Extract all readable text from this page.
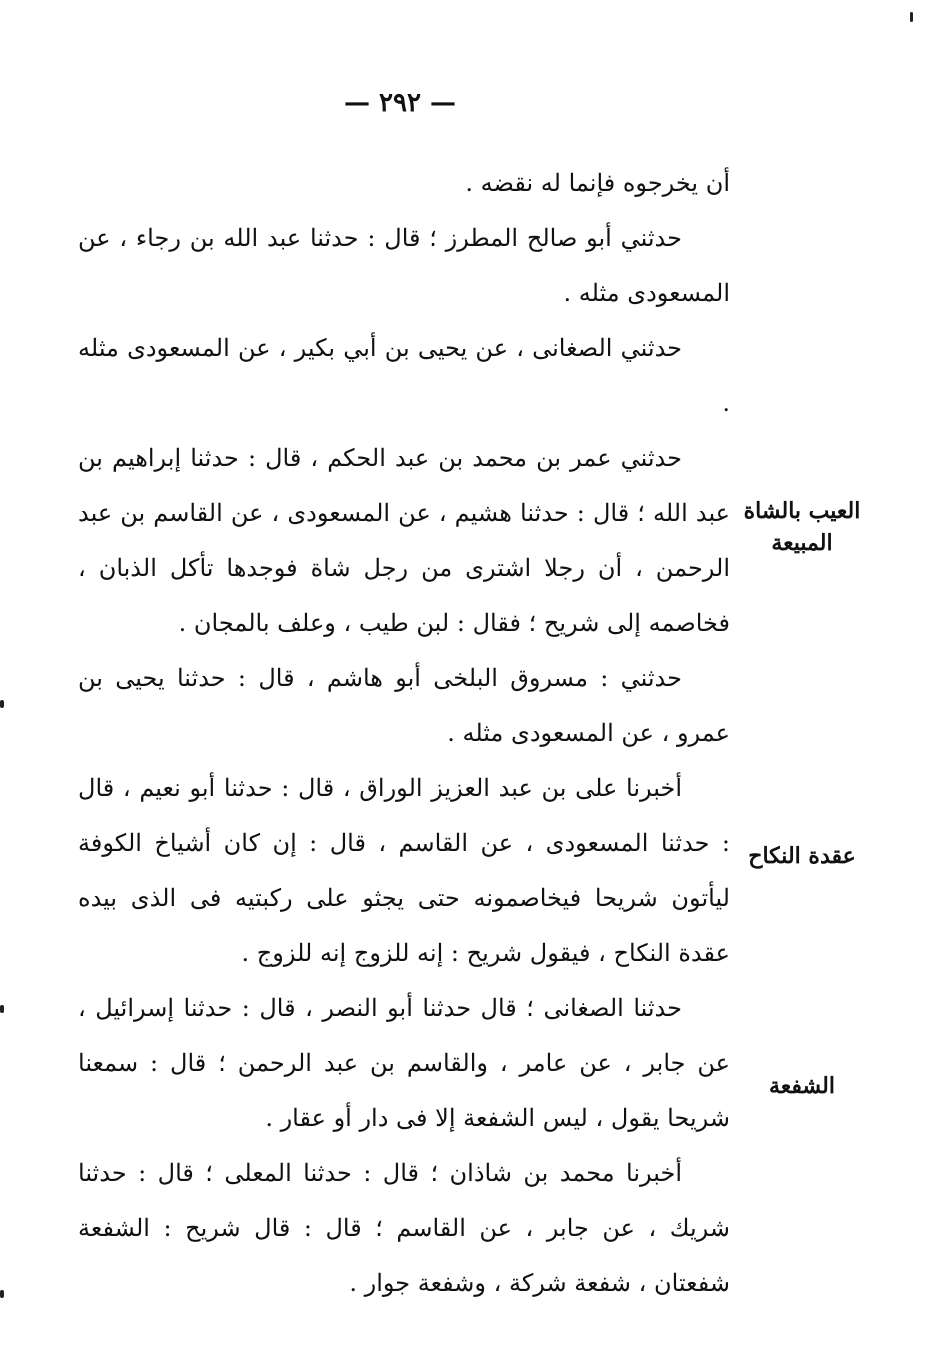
— ٢٩٢ —

أن يخرجوه فإنما له نقضه .

حدثني أبو صالح المطرز ؛ قال : حدثنا عبد الله بن رجاء ، عن المسعودى مثله .

حدثني الصغانى ، عن يحيى بن أبي بكير ، عن المسعودى مثله .

حدثني عمر بن محمد بن عبد الحكم ، قال : حدثنا إبراهيم بن عبد الله ؛ قال : حدثنا هشيم ، عن المسعودى ، عن القاسم بن عبد الرحمن ، أن رجلا اشترى من رجل شاة فوجدها تأكل الذبان ، فخاصمه إلى شريح ؛ فقال : لبن طيب ، وعلف بالمجان .

حدثني : مسروق البلخى أبو هاشم ، قال : حدثنا يحيى بن عمرو ، عن المسعودى مثله .

أخبرنا على بن عبد العزيز الوراق ، قال : حدثنا أبو نعيم ، قال : حدثنا المسعودى ، عن القاسم ، قال : إن كان أشياخ الكوفة ليأتون شريحا فيخاصمونه حتى يجثو على ركبتيه فى الذى بيده عقدة النكاح ، فيقول شريح : إنه للزوج إنه للزوج .

حدثنا الصغانى ؛ قال حدثنا أبو النصر ، قال : حدثنا إسرائيل ، عن جابر ، عن عامر ، والقاسم بن عبد الرحمن ؛ قال : سمعنا شريحا يقول ، ليس الشفعة إلا فى دار أو عقار .

أخبرنا محمد بن شاذان ؛ قال : حدثنا المعلى ؛ قال : حدثنا شريك ، عن جابر ، عن القاسم ؛ قال : قال شريح : الشفعة شفعتان ، شفعة شركة ، وشفعة جوار .

العيب بالشاة المبيعة
عقدة النكاح
الشفعة
